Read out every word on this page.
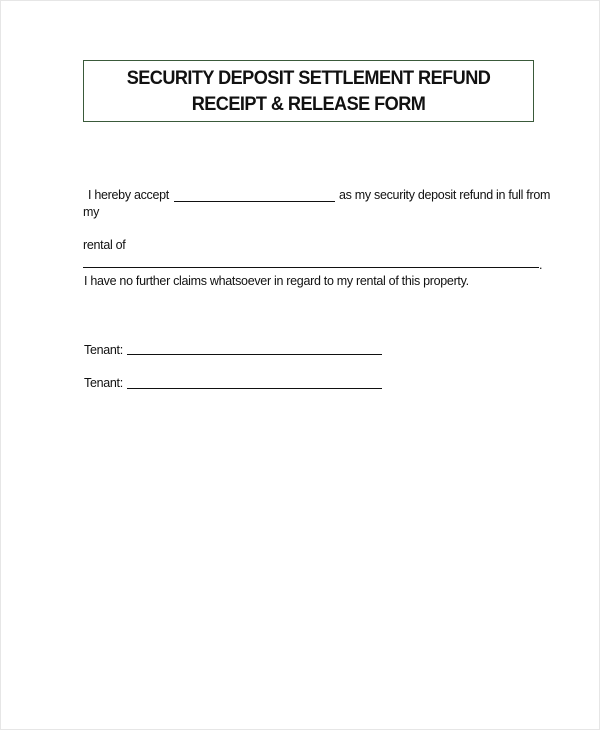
SECURITY DEPOSIT SETTLEMENT REFUND
RECEIPT & RELEASE FORM
I hereby accept	as my security deposit refund in full from
my
rental of
.
I have no further claims whatsoever in regard to my rental of this property.
Tenant:
Tenant:
